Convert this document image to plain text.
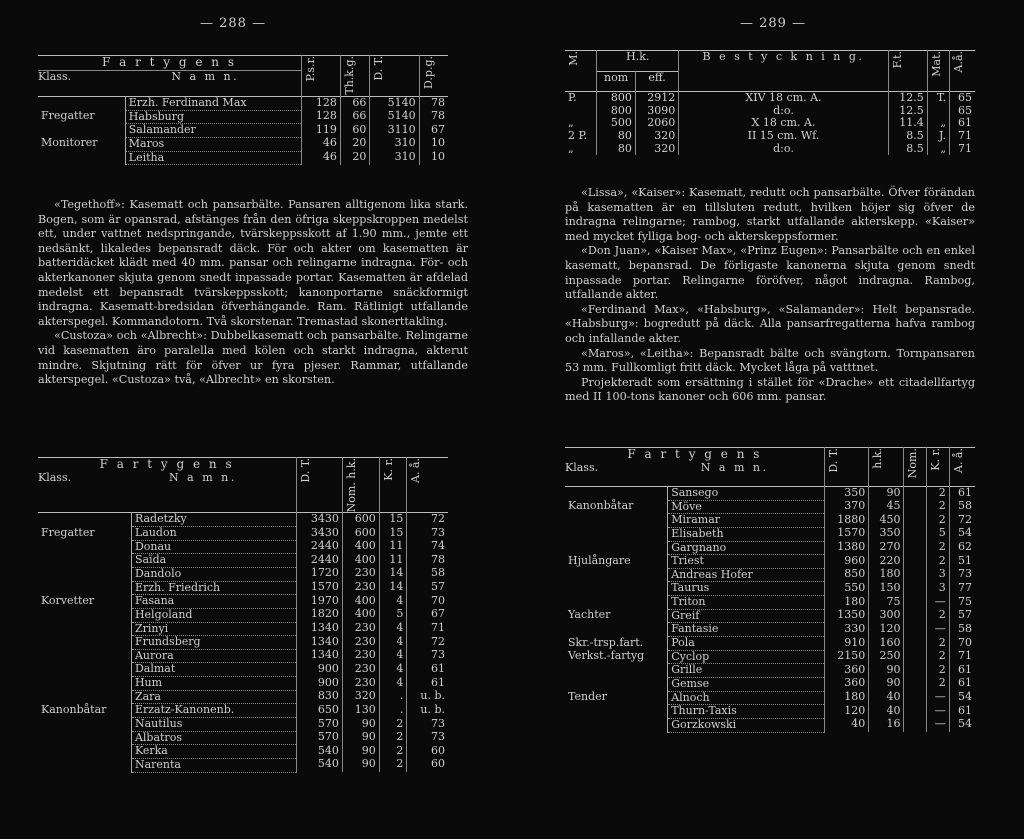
— 288 —
F a r t y g e n s
Klass. N a m n.		P.s.r.	Th.k.g.	D. T.	D.p.g.

	Erzh. Ferdinand Max	128	66	5140	78
Fregatter	Habsburg	128	66	5140	78
	Salamander	119	60	3110	67
Monitorer	Maros	46	20	310	10
	Leitha	46	20	310	10

«Tegethoff»: Kasematt och pansarbälte. Pansaren alltigenom lika stark. Bogen, som är opansrad, afstänges från den öfriga skeppskroppen medelst ett, under vattnet nedspringande, tvärskeppsskott af 1.90 mm., jemte ett nedsänkt, likaledes bepansradt däck. För och akter om kasematten är batteridäcket klädt med 40 mm. pansar och relingarne indragna. För- och akterkanoner skjuta genom snedt inpassade portar. Kasematten är afdelad medelst ett bepansradt tvärskeppsskott; kanonportarne snäckformigt indragna. Kasematt-bredsidan öfverhängande. Ram. Rätlinigt utfallande akterspegel. Kommandotorn. Två skorstenar. Tremastad skonerttakling.

«Custoza» och «Albrecht»: Dubbelkasematt och pansarbälte. Relingarne vid kasematten äro paralella med kölen och starkt indragna, akterut mindre. Skjutning rätt för öfver ur fyra pjeser. Rammar, utfallande akterspegel. «Custoza» två, «Albrecht» en skorsten.

F a r t y g e n s
Klass. N a m n.		D. T.	Nom. h.k.	K. r.	A. å.

	Radetzky	3430	600	15	72
Fregatter	Laudon	3430	600	15	73
	Donau	2440	400	11	74
	Saïda	2440	400	11	78
	Dandolo	1720	230	14	58
	Erzh. Friedrich	1570	230	14	57
Korvetter	Fasana	1970	400	4	70
	Helgoland	1820	400	5	67
	Zrinyi	1340	230	4	71
	Frundsberg	1340	230	4	72
	Aurora	1340	230	4	73
	Dalmat	900	230	4	61
	Hum	900	230	4	61
	Zara	830	320	.	u. b.
Kanonbåtar	Erzatz-Kanonenb.	650	130	.	u. b.
	Nautilus	570	90	2	73
	Albatros	570	90	2	73
	Kerka	540	90	2	60
	Narenta	540	90	2	60
— 289 —
M.	H.k.		B e s t y c k n i n g.	F.t.	Mat.	A.å.

	nom	eff.				
P.	800	2912	XIV 18 cm. A.	12.5	T.	65
	800	3090	d:o.	12.5		65
„	500	2060	X 18 cm. A.	11.4	„	61
2 P.	80	320	II 15 cm. Wf.	8.5	J.	71
„	80	320	d:o.	8.5	„	71

«Lissa», «Kaiser»: Kasematt, redutt och pansarbälte. Öfver förändan på kasematten är en tillsluten redutt, hvilken höjer sig öfver de indragna relingarne; rambog, starkt utfallande akterskepp. «Kaiser» med mycket fylliga bog- och akterskeppsformer.

«Don Juan», «Kaiser Max», «Prinz Eugen»: Pansarbälte och en enkel kasematt, bepansrad. De förligaste kanonerna skjuta genom snedt inpassade portar. Relingarne föröfver, något indragna. Rambog, utfallande akter.

«Ferdinand Max», «Habsburg», «Salamander»: Helt bepansrade. «Habsburg»: bogredutt på däck. Alla pansarfregatterna hafva rambog och infallande akter.

«Maros», «Leitha»: Bepansradt bälte och svängtorn. Tornpansaren 53 mm. Fullkomligt fritt däck. Mycket låga på vatttnet.

Projekteradt som ersättning i stället för «Drache» ett citadellfartyg med II 100-tons kanoner och 606 mm. pansar.

F a r t y g e n s
Klass. N a m n.		D. T.	h.k.	Nom.	K. r.	A. å.

	Sansego	350	90		2	61
Kanonbåtar	Möve	370	45		2	58
	Miramar	1880	450		2	72
	Elisabeth	1570	350		5	54
	Gargnano	1380	270		2	62
Hjulångare	Triest	960	220		2	51
	Andreas Hofer	850	180		3	73
	Taurus	550	150		3	77
	Triton	180	75		—	75
Yachter	Greif	1350	300		2	57
	Fantasie	330	120		—	58
Skr.-trsp.fart.	Pola	910	160		2	70
Verkst.-fartyg	Cyclop	2150	250		2	71
	Grille	360	90		2	61
	Gemse	360	90		2	61
Tender	Alnoch	180	40		—	54
	Thurn-Taxis	120	40		—	61
	Gorzkowski	40	16		—	54
